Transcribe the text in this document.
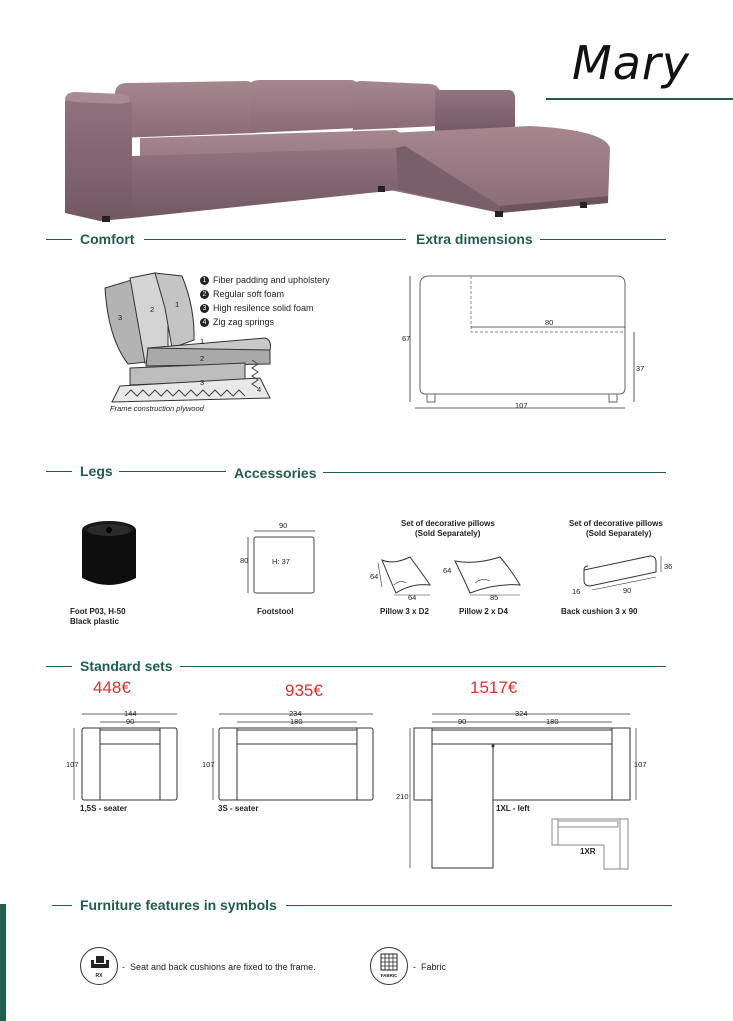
Mary
Comfort	Extra dimensions
3
2
1
1
2
3
4
Frame construction plywood
1 Fiber padding and upholstery
2 Regular soft foam
3 High resilence solid foam
4 Zig zag springs
67
80
37
107
Legs	Accessories
Foot P03, H-50
Black plastic
90
80	H: 37
Footstool
Set of decorative pillows
(Sold Separately)
64
64
64
85
Pillow 3 x D2	Pillow 2 x D4
Set of decorative pillows
(Sold Separately)
36
16	90
Back cushion 3 x 90
Standard sets
448€	935€	1517€
144
90
107
1,5S - seater
234
180
107
3S - seater
324
90	180
107
210
1XL - left
1XR
Furniture features in symbols
RX
-  Seat and back cushions are fixed to the frame.
FABRIC
-  Fabric
